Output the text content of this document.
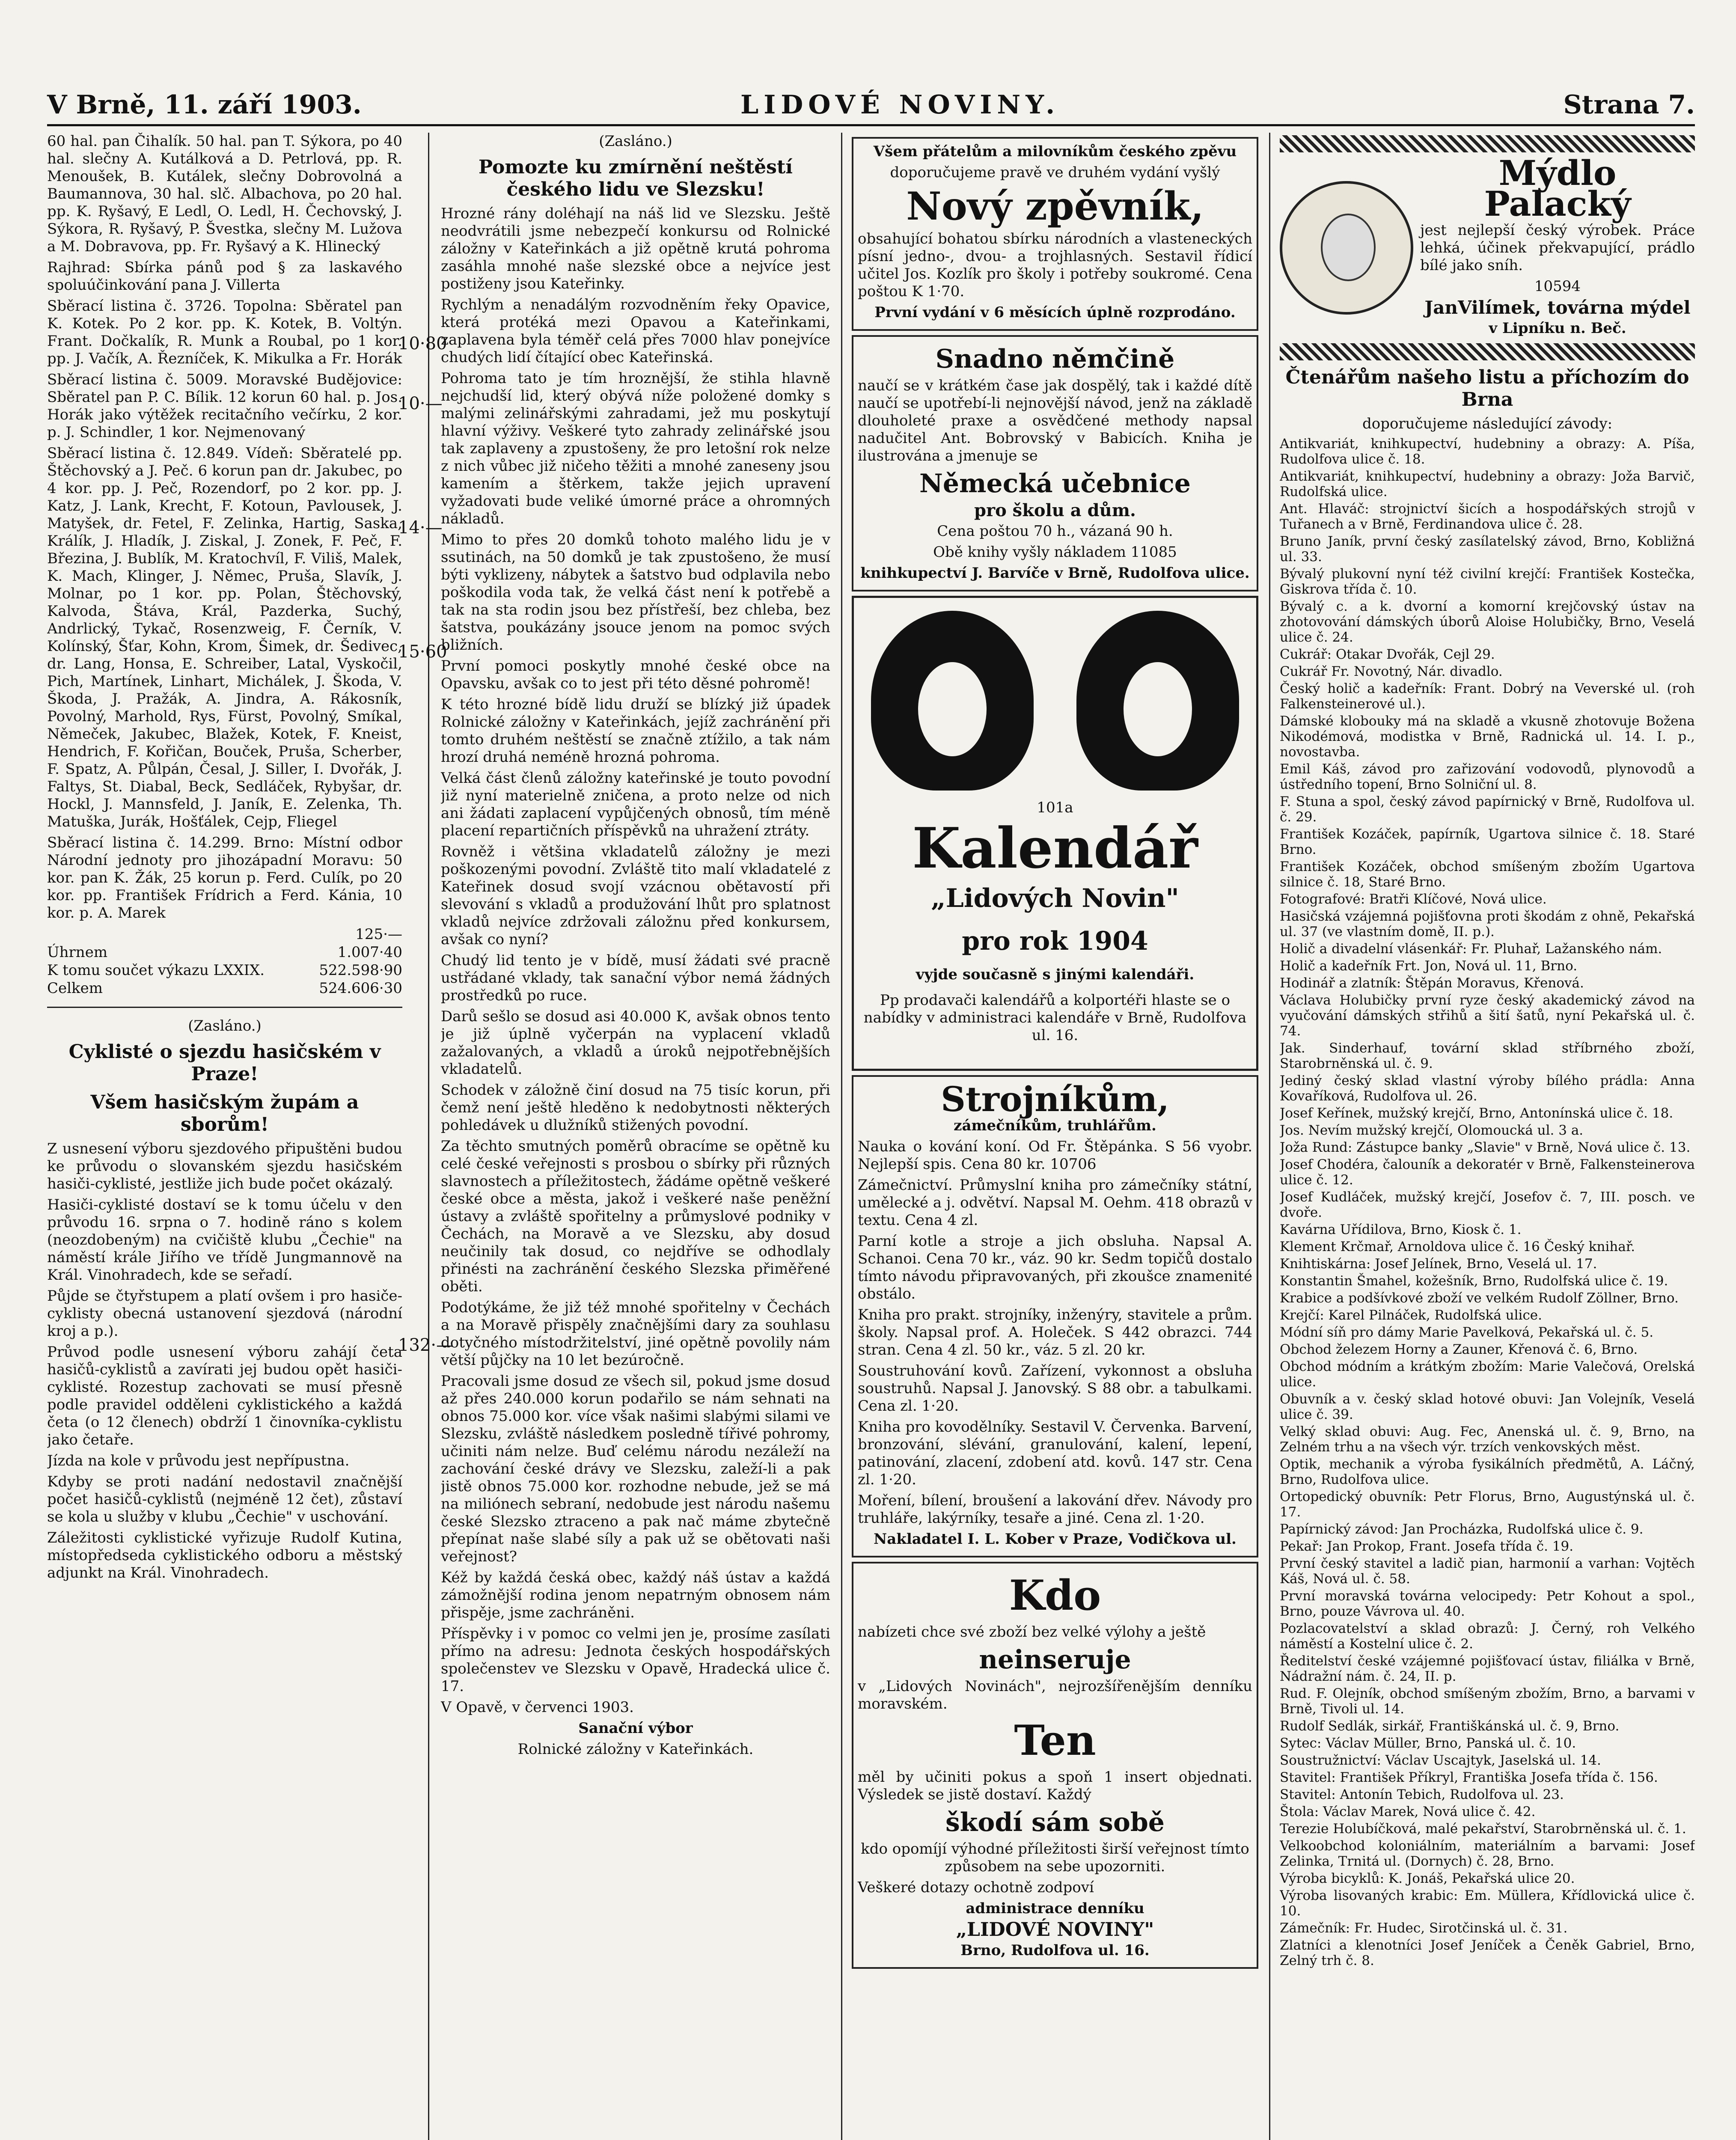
V Brně, 11. září 1903.	LIDOVÉ NOVINY.	Strana 7.
10·80
10·—
14·—
15·60
132·—

60 hal. pan Čihalík. 50 hal. pan T. Sýkora, po 40 hal. slečny A. Kutálková a D. Petrlová, pp. R. Menoušek, B. Kutálek, slečny Dobrovolná a Baumannova, 30 hal. slč. Albachova, po 20 hal. pp. K. Ryšavý, E Ledl, O. Ledl, H. Čechovský, J. Sýkora, R. Ryšavý, P. Švestka, slečny M. Lužova a M. Dobravova, pp. Fr. Ryšavý a K. Hlinecký

Rajhrad: Sbírka pánů pod § za laskavého spoluúčinkování pana J. Villerta

Sběrací listina č. 3726. Topolna: Sběratel pan K. Kotek. Po 2 kor. pp. K. Kotek, B. Voltýn. Frant. Dočkalík, R. Munk a Roubal, po 1 kor. pp. J. Vačík, A. Řezníček, K. Mikulka a Fr. Horák

Sběrací listina č. 5009. Moravské Budějovice: Sběratel pan P. C. Bílik. 12 korun 60 hal. p. Jos. Horák jako výtěžek recitačního večírku, 2 kor. p. J. Schindler, 1 kor. Nejmenovaný

Sběrací listina č. 12.849. Vídeň: Sběratelé pp. Štěchovský a J. Peč. 6 korun pan dr. Jakubec, po 4 kor. pp. J. Peč, Rozendorf, po 2 kor. pp. J. Katz, J. Lank, Krecht, F. Kotoun, Pavlousek, J. Matyšek, dr. Fetel, F. Zelinka, Hartig, Saska, Králík, J. Hladík, J. Ziskal, J. Zonek, F. Peč, F. Březina, J. Bublík, M. Kratochvíl, F. Viliš, Malek, K. Mach, Klinger, J. Němec, Pruša, Slavík, J. Molnar, po 1 kor. pp. Polan, Štěchovský, Kalvoda, Štáva, Král, Pazderka, Suchý, Andrlický, Tykač, Rosenzweig, F. Černík, V. Kolínský, Šťar, Kohn, Krom, Šimek, dr. Šedivec, dr. Lang, Honsa, E. Schreiber, Latal, Vyskočil, Pich, Martínek, Linhart, Michálek, J. Škoda, V. Škoda, J. Pražák, A. Jindra, A. Rákosník, Povolný, Marhold, Rys, Fürst, Povolný, Smíkal, Němeček, Jakubec, Blažek, Kotek, F. Kneist, Hendrich, F. Kořičan, Bouček, Pruša, Scherber, F. Spatz, A. Půlpán, Česal, J. Siller, I. Dvořák, J. Faltys, St. Diabal, Beck, Sedláček, Rybyšar, dr. Hockl, J. Mannsfeld, J. Janík, E. Zelenka, Th. Matuška, Jurák, Hošťálek, Cejp, Fliegel

Sběrací listina č. 14.299. Brno: Místní odbor Národní jednoty pro jihozápadní Moravu: 50 kor. pan K. Žák, 25 korun p. Ferd. Culík, po 20 kor. pp. František Frídrich a Ferd. Kánia, 10 kor. p. A. Marek

125·—
Úhrnem	1.007·40
K tomu součet výkazu LXXIX.	522.598·90
Celkem	524.606·30

(Zasláno.)

Cyklisté o sjezdu hasičském v Praze!
Všem hasičským župám a sborům!

Z usnesení výboru sjezdového připuštěni budou ke průvodu o slovanském sjezdu hasičském hasiči-cyklisté, jestliže jich bude počet okázalý.

Hasiči-cyklisté dostaví se k tomu účelu v den průvodu 16. srpna o 7. hodině ráno s kolem (neozdobeným) na cvičiště klubu „Čechie" na náměstí krále Jiřího ve třídě Jungmannově na Král. Vinohradech, kde se seřadí.

Půjde se čtyřstupem a platí ovšem i pro hasiče-cyklisty obecná ustanovení sjezdová (národní kroj a p.).

Průvod podle usnesení výboru zahájí četa hasičů-cyklistů a zavírati jej budou opět hasiči-cyklisté. Rozestup zachovati se musí přesně podle pravidel odděleni cyklistického a každá četa (o 12 členech) obdrží 1 činovníka-cyklistu jako četaře.

Jízda na kole v průvodu jest nepřípustna.

Kdyby se proti nadání nedostavil značnější počet hasičů-cyklistů (nejméně 12 čet), zůstaví se kola u služby v klubu „Čechie" v uschování.

Záležitosti cyklistické vyřizuje Rudolf Kutina, místopředseda cyklistického odboru a městský adjunkt na Král. Vinohradech.

(Zasláno.)

Pomozte ku zmírnění neštěstí českého lidu ve Slezsku!

Hrozné rány doléhají na náš lid ve Slezsku. Ještě neodvrátili jsme nebezpečí konkursu od Rolnické záložny v Kateřinkách a již opětně krutá pohroma zasáhla mnohé naše slezské obce a nejvíce jest postiženy jsou Kateřinky.

Rychlým a nenadálým rozvodněním řeky Opavice, která protéká mezi Opavou a Kateřinkami, zaplavena byla téměř celá přes 7000 hlav ponejvíce chudých lidí čítající obec Kateřinská.

Pohroma tato je tím hroznější, že stihla hlavně nejchudší lid, který obývá níže položené domky s malými zelinářskými zahradami, jež mu poskytují hlavní výživy. Veškeré tyto zahrady zelinářské jsou tak zaplaveny a zpustošeny, že pro letošní rok nelze z nich vůbec již ničeho těžiti a mnohé zaneseny jsou kamením a štěrkem, takže jejich upravení vyžadovati bude veliké úmorné práce a ohromných nákladů.

Mimo to přes 20 domků tohoto malého lidu je v ssutinách, na 50 domků je tak zpustošeno, že musí býti vyklizeny, nábytek a šatstvo bud odplavila nebo poškodila voda tak, že velká část není k potřebě a tak na sta rodin jsou bez přístřeší, bez chleba, bez šatstva, poukázány jsouce jenom na pomoc svých bližních.

První pomoci poskytly mnohé české obce na Opavsku, avšak co to jest při této děsné pohromě!

K této hrozné bídě lidu druží se blízký již úpadek Rolnické záložny v Kateřinkách, jejíž zachránění při tomto druhém neštěstí se značně ztížilo, a tak nám hrozí druhá neméně hrozná pohroma.

Velká část členů záložny kateřinské je touto povodní již nyní materielně zničena, a proto nelze od nich ani žádati zaplacení vypůjčených obnosů, tím méně placení repartičních příspěvků na uhražení ztráty.

Rovněž i většina vkladatelů záložny je mezi poškozenými povodní. Zvláště tito malí vkladatelé z Kateřinek dosud svojí vzácnou obětavostí při slevování s vkladů a produžování lhůt pro splatnost vkladů nejvíce zdržovali záložnu před konkursem, avšak co nyní?

Chudý lid tento je v bídě, musí žádati své pracně ustřádané vklady, tak sanační výbor nemá žádných prostředků po ruce.

Darů sešlo se dosud asi 40.000 K, avšak obnos tento je již úplně vyčerpán na vyplacení vkladů zažalovaných, a vkladů a úroků nejpotřebnějších vkladatelů.

Schodek v záložně činí dosud na 75 tisíc korun, při čemž není ještě hleděno k nedobytnosti některých pohledávek u dlužníků stižených povodní.

Za těchto smutných poměrů obracíme se opětně ku celé české veřejnosti s prosbou o sbírky při různých slavnostech a příležitostech, žádáme opětně veškeré české obce a města, jakož i veškeré naše peněžní ústavy a zvláště spořitelny a průmyslové podniky v Čechách, na Moravě a ve Slezsku, aby dosud neučinily tak dosud, co nejdříve se odhodlaly přinésti na zachránění českého Slezska přiměřené oběti.

Podotýkáme, že již též mnohé spořitelny v Čechách a na Moravě přispěly značnějšími dary za souhlasu dotyčného místodržitelství, jiné opětně povolily nám větší půjčky na 10 let bezúročně.

Pracovali jsme dosud ze všech sil, pokud jsme dosud až přes 240.000 korun podařilo se nám sehnati na obnos 75.000 kor. více však našimi slabými silami ve Slezsku, zvláště následkem posledně tířivé pohromy, učiniti nám nelze. Buď celému národu nezáleží na zachování české drávy ve Slezsku, zaleží-li a pak jistě obnos 75.000 kor. rozhodne nebude, jež se má na miliónech sebraní, nedobude jest národu našemu české Slezsko ztraceno a pak nač máme zbytečně přepínat naše slabé síly a pak už se obětovati naši veřejnost?

Kéž by každá česká obec, každý náš ústav a každá zámožnější rodina jenom nepatrným obnosem nám přispěje, jsme zachráněni.

Příspěvky i v pomoc co velmi jen je, prosíme zasílati přímo na adresu: Jednota českých hospodářských společenstev ve Slezsku v Opavě, Hradecká ulice č. 17.

V Opavě, v červenci 1903.

Sanační výbor

Rolnické záložny v Kateřinkách.

Všem přátelům a milovníkům českého zpěvu

doporučujeme pravě ve druhém vydání vyšlý

Nový zpěvník,

obsahující bohatou sbírku národních a vlasteneckých písní jedno-, dvou- a trojhlasných. Sestavil řídicí učitel Jos. Kozlík pro školy i potřeby soukromé. Cena poštou K 1·70.

První vydání v 6 měsících úplně rozprodáno.

Snadno němčině

naučí se v krátkém čase jak dospělý, tak i každé dítě naučí se upotřebí-li nejnovější návod, jenž na základě dlouholeté praxe a osvědčené methody napsal nadučitel Ant. Bobrovský v Babicích. Kniha je ilustrována a jmenuje se

Německá učebnice

pro školu a dům.

Cena poštou 70 h., vázaná 90 h.

Obě knihy vyšly nákladem 11085

knihkupectví J. Barvíče v Brně, Rudolfova ulice.

101a

Kalendář
„Lidových Novin"
pro rok 1904

vyjde současně s jinými kalendáři.

Pp prodavači kalendářů a kolportéři hlaste se o nabídky v administraci kalendáře v Brně, Rudolfova ul. 16.

Strojníkům,

zámečníkům, truhlářům.

Nauka o kování koní. Od Fr. Štěpánka. S 56 vyobr. Nejlepší spis. Cena 80 kr. 10706

Zámečnictví. Průmyslní kniha pro zámečníky státní, umělecké a j. odvětví. Napsal M. Oehm. 418 obrazů v textu. Cena 4 zl.

Parní kotle a stroje a jich obsluha. Napsal A. Schanoi. Cena 70 kr., váz. 90 kr. Sedm topičů dostalo tímto návodu připravovaných, při zkoušce znamenité obstálo.

Kniha pro prakt. strojníky, inženýry, stavitele a prům. školy. Napsal prof. A. Holeček. S 442 obrazci. 744 stran. Cena 4 zl. 50 kr., váz. 5 zl. 20 kr.

Soustruhování kovů. Zařízení, vykonnost a obsluha soustruhů. Napsal J. Janovský. S 88 obr. a tabulkami. Cena zl. 1·20.

Kniha pro kovodělníky. Sestavil V. Červenka. Barvení, bronzování, slévání, granulování, kalení, lepení, patinování, zlacení, zdobení atd. kovů. 147 str. Cena zl. 1·20.

Moření, bílení, broušení a lakování dřev. Návody pro truhláře, lakýrníky, tesaře a jiné. Cena zl. 1·20.

Nakladatel I. L. Kober v Praze, Vodičkova ul.

Kdo

nabízeti chce své zboží bez velké výlohy a ještě

neinseruje

v „Lidových Novinách", nejrozšířenějším denníku moravském.

Ten

měl by učiniti pokus a spoň 1 insert objednati. Výsledek se jistě dostaví. Každý

škodí sám sobě

kdo opomíjí výhodné příležitosti širší veřejnost tímto způsobem na sebe upozorniti.

Veškeré dotazy ochotně zodpoví

administrace denníku

„LIDOVÉ NOVINY"

Brno, Rudolfova ul. 16.

Mýdlo Palacký

jest nejlepší český výrobek. Práce lehká, účinek překvapující, prádlo bílé jako sníh.

10594

JanVilímek, továrna mýdel

v Lipníku n. Beč.

Čtenářům našeho listu a příchozím do Brna

doporučujeme následující závody:

Antikvariát, knihkupectví, hudebniny a obrazy: A. Píša, Rudolfova ulice č. 18.

Antikvariát, knihkupectví, hudebniny a obrazy: Joža Barvič, Rudolfská ulice.

Ant. Hlaváč: strojnictví šicích a hospodářských strojů v Tuřanech a v Brně, Ferdinandova ulice č. 28.

Bruno Janík, první český zasílatelský závod, Brno, Kobližná ul. 33.

Bývalý plukovní nyní též civilní krejčí: František Kostečka, Giskrova třída č. 10.

Bývalý c. a k. dvorní a komorní krejčovský ústav na zhotovování dámských úborů Aloise Holubičky, Brno, Veselá ulice č. 24.

Cukrář: Otakar Dvořák, Cejl 29.

Cukrář Fr. Novotný, Nár. divadlo.

Český holič a kadeřník: Frant. Dobrý na Veverské ul. (roh Falkensteinerové ul.).

Dámské klobouky má na skladě a vkusně zhotovuje Božena Nikodémová, modistka v Brně, Radnická ul. 14. I. p., novostavba.

Emil Káš, závod pro zařizování vodovodů, plynovodů a ústředního topení, Brno Solniční ul. 8.

F. Stuna a spol, český závod papírnický v Brně, Rudolfova ul. č. 29.

František Kozáček, papírník, Ugartova silnice č. 18. Staré Brno.

František Kozáček, obchod smíšeným zbožím Ugartova silnice č. 18, Staré Brno.

Fotografové: Bratři Klíčové, Nová ulice.

Hasičská vzájemná pojišťovna proti škodám z ohně, Pekařská ul. 37 (ve vlastním domě, II. p.).

Holič a divadelní vlásenkář: Fr. Pluhař, Lažanského nám.

Holič a kadeřník Frt. Jon, Nová ul. 11, Brno.

Hodinář a zlatník: Štěpán Moravus, Křenová.

Václava Holubičky první ryze český akademický závod na vyučování dámských střihů a šití šatů, nyní Pekařská ul. č. 74.

Jak. Sinderhauf, tovární sklad stříbrného zboží, Starobrněnská ul. č. 9.

Jediný český sklad vlastní výroby bílého prádla: Anna Kovaříková, Rudolfova ul. 26.

Josef Keřínek, mužský krejčí, Brno, Antonínská ulice č. 18.

Jos. Nevím mužský krejčí, Olomoucká ul. 3 a.

Joža Rund: Zástupce banky „Slavie" v Brně, Nová ulice č. 13.

Josef Chodéra, čalouník a dekoratér v Brně, Falkensteinerova ulice č. 12.

Josef Kudláček, mužský krejčí, Josefov č. 7, III. posch. ve dvoře.

Kavárna Uřídilova, Brno, Kiosk č. 1.

Klement Krčmař, Arnoldova ulice č. 16 Český knihař.

Knihtiskárna: Josef Jelínek, Brno, Veselá ul. 17.

Konstantin Šmahel, kožešník, Brno, Rudolfská ulice č. 19.

Krabice a podšívkové zboží ve velkém Rudolf Zöllner, Brno.

Krejčí: Karel Pilnáček, Rudolfská ulice.

Módní síň pro dámy Marie Pavelková, Pekařská ul. č. 5.

Obchod železem Horny a Zauner, Křenová č. 6, Brno.

Obchod módním a krátkým zbožím: Marie Valečová, Orelská ulice.

Obuvník a v. český sklad hotové obuvi: Jan Volejník, Veselá ulice č. 39.

Velký sklad obuvi: Aug. Fec, Anenská ul. č. 9, Brno, na Zelném trhu a na všech výr. trzích venkovských měst.

Optik, mechanik a výroba fysikálních předmětů, A. Láčný, Brno, Rudolfova ulice.

Ortopedický obuvník: Petr Florus, Brno, Augustýnská ul. č. 17.

Papírnický závod: Jan Procházka, Rudolfská ulice č. 9.

Pekař: Jan Prokop, Frant. Josefa třída č. 19.

První český stavitel a ladič pian, harmonií a varhan: Vojtěch Káš, Nová ul. č. 58.

První moravská továrna velocipedy: Petr Kohout a spol., Brno, pouze Vávrova ul. 40.

Pozlacovatelství a sklad obrazů: J. Černý, roh Velkého náměstí a Kostelní ulice č. 2.

Ředitelství české vzájemné pojišťovací ústav, filiálka v Brně, Nádražní nám. č. 24, II. p.

Rud. F. Olejník, obchod smíšeným zbožím, Brno, a barvami v Brně, Tivoli ul. 14.

Rudolf Sedlák, sirkář, Františkánská ul. č. 9, Brno.

Sytec: Václav Müller, Brno, Panská ul. č. 10.

Soustružnictví: Václav Uscajtyk, Jaselská ul. 14.

Stavitel: František Příkryl, Františka Josefa třída č. 156.

Stavitel: Antonín Tebich, Rudolfova ul. 23.

Štola: Václav Marek, Nová ulice č. 42.

Terezie Holubíčková, malé pekařství, Starobrněnská ul. č. 1.

Velkoobchod koloniálním, materiálním a barvami: Josef Zelinka, Trnitá ul. (Dornych) č. 28, Brno.

Výroba bicyklů: K. Jonáš, Pekařská ulice 20.

Výroba lisovaných krabic: Em. Müllera, Křídlovická ulice č. 10.

Zámečník: Fr. Hudec, Sirotčinská ul. č. 31.

Zlatníci a klenotníci Josef Jeníček a Čeněk Gabriel, Brno, Zelný trh č. 8.
